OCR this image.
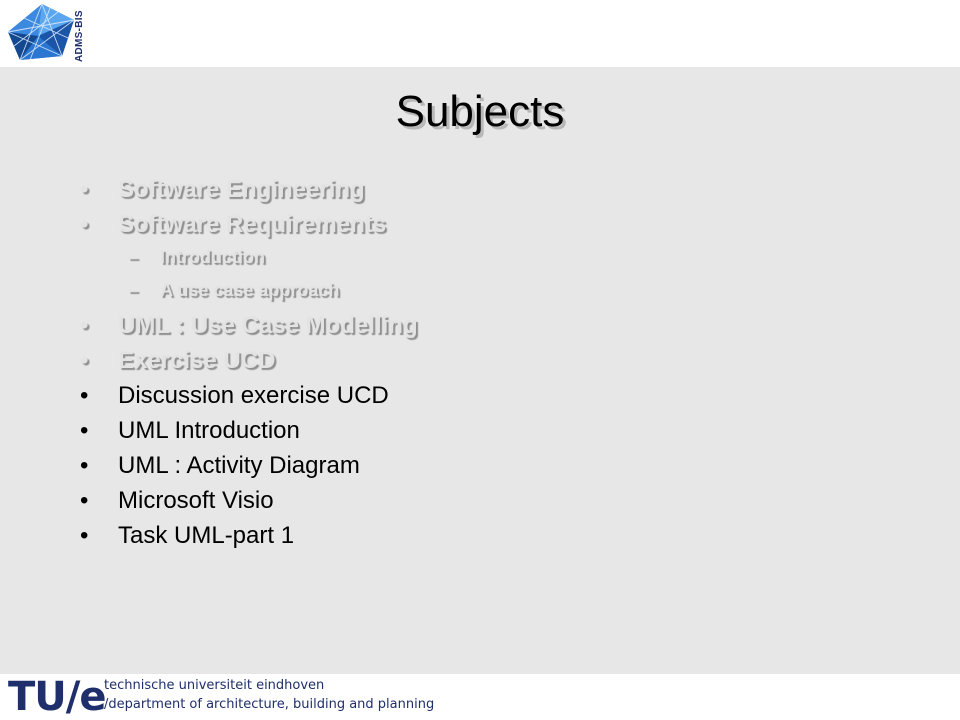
ADMS-BIS
Subjects
• Software Engineering
• Software Requirements
– Introduction
– A use case approach
• UML : Use Case Modelling
• Exercise UCD
• Discussion exercise UCD
• UML Introduction
• UML : Activity Diagram
• Microsoft Visio
• Task UML-part 1
TU/e
technische universiteit eindhoven
/department of architecture, building and planning
